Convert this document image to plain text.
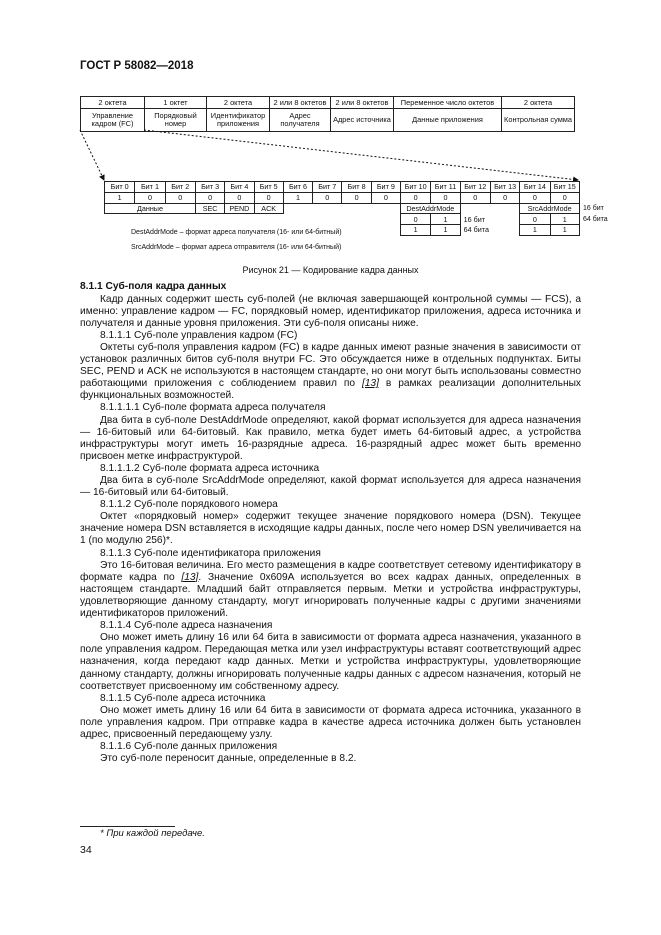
ГОСТ Р 58082—2018
2 октета	1 октет	2 октета	2 или 8 октетов	2 или 8 октетов	Переменное число октетов	2 октета
Управление кадром (FC)	Порядковый номер	Идентификатор приложения	Адрес получателя	Адрес источника	Данные приложения	Контрольная сумма
Бит 0	Бит 1	Бит 2	Бит 3	Бит 4	Бит 5	Бит 6	Бит 7	Бит 8	Бит 9	Бит 10	Бит 11	Бит 12	Бит 13	Бит 14	Бит 15
1	0	0	0	0	0	1	0	0	0	0	0	0	0	0	0
Данные			SEC	PEND	ACK					DestAddrMode				SrcAddrMode	
										0	1	16 бит		0	1
										1	1	64 бита		1	1
16 бит
64 бита
DestAddrMode – формат адреса получателя (16- или 64-битный)
SrcAddrMode – формат адреса отправителя (16- или 64-битный)
Рисунок 21 — Кодирование кадра данных

8.1.1 Суб-поля кадра данных

Кадр данных содержит шесть суб-полей (не включая завершающей контрольной суммы — FCS), а именно: управление кадром — FC, порядковый номер, идентификатор приложения, адреса источника и получателя и данные уровня приложения. Эти суб-поля описаны ниже.

8.1.1.1 Суб-поле управления кадром (FC)

Октеты суб-поля управления кадром (FC) в кадре данных имеют разные значения в зависимости от установок различных битов суб-поля внутри FC. Это обсуждается ниже в отдельных подпунктах. Биты SEC, PEND и ACK не используются в настоящем стандарте, но они могут быть использованы совместно работающими приложения с соблюдением правил по [13] в рамках реализации дополнительных функциональных возможностей.

8.1.1.1.1 Суб-поле формата адреса получателя

Два бита в суб-поле DestAddrMode определяют, какой формат используется для адреса назначения — 16-битовый или 64-битовый. Как правило, метка будет иметь 64-битовый адрес, а устройства инфраструктуры могут иметь 16-разрядные адреса. 16-разрядный адрес может быть временно присвоен метке инфраструктурой.

8.1.1.1.2 Суб-поле формата адреса источника

Два бита в суб-поле SrcAddrMode определяют, какой формат используется для адреса назначения — 16-битовый или 64-битовый.

8.1.1.2 Суб-поле порядкового номера

Октет «порядковый номер» содержит текущее значение порядкового номера (DSN). Текущее значение номера DSN вставляется в исходящие кадры данных, после чего номер DSN увеличивается на 1 (по модулю 256)*.

8.1.1.3 Суб-поле идентификатора приложения

Это 16-битовая величина. Его место размещения в кадре соответствует сетевому идентификатору в формате кадра по [13]. Значение 0x609A используется во всех кадрах данных, определенных в настоящем стандарте. Младший байт отправляется первым. Метки и устройства инфраструктуры, удовлетворяющие данному стандарту, могут игнорировать полученные кадры с другими значениями идентификаторов приложений.

8.1.1.4 Суб-поле адреса назначения

Оно может иметь длину 16 или 64 бита в зависимости от формата адреса назначения, указанного в поле управления кадром. Передающая метка или узел инфраструктуры вставят соответствующий адрес назначения, когда передают кадр данных. Метки и устройства инфраструктуры, удовлетворяющие данному стандарту, должны игнорировать полученные кадры данных с адресом назначения, который не соответствует присвоенному им собственному адресу.

8.1.1.5 Суб-поле адреса источника

Оно может иметь длину 16 или 64 бита в зависимости от формата адреса источника, указанного в поле управления кадром. При отправке кадра в качестве адреса источника должен быть установлен адрес, присвоенный передающему узлу.

8.1.1.6 Суб-поле данных приложения

Это суб-поле переносит данные, определенные в 8.2.

* При каждой передаче.
34
